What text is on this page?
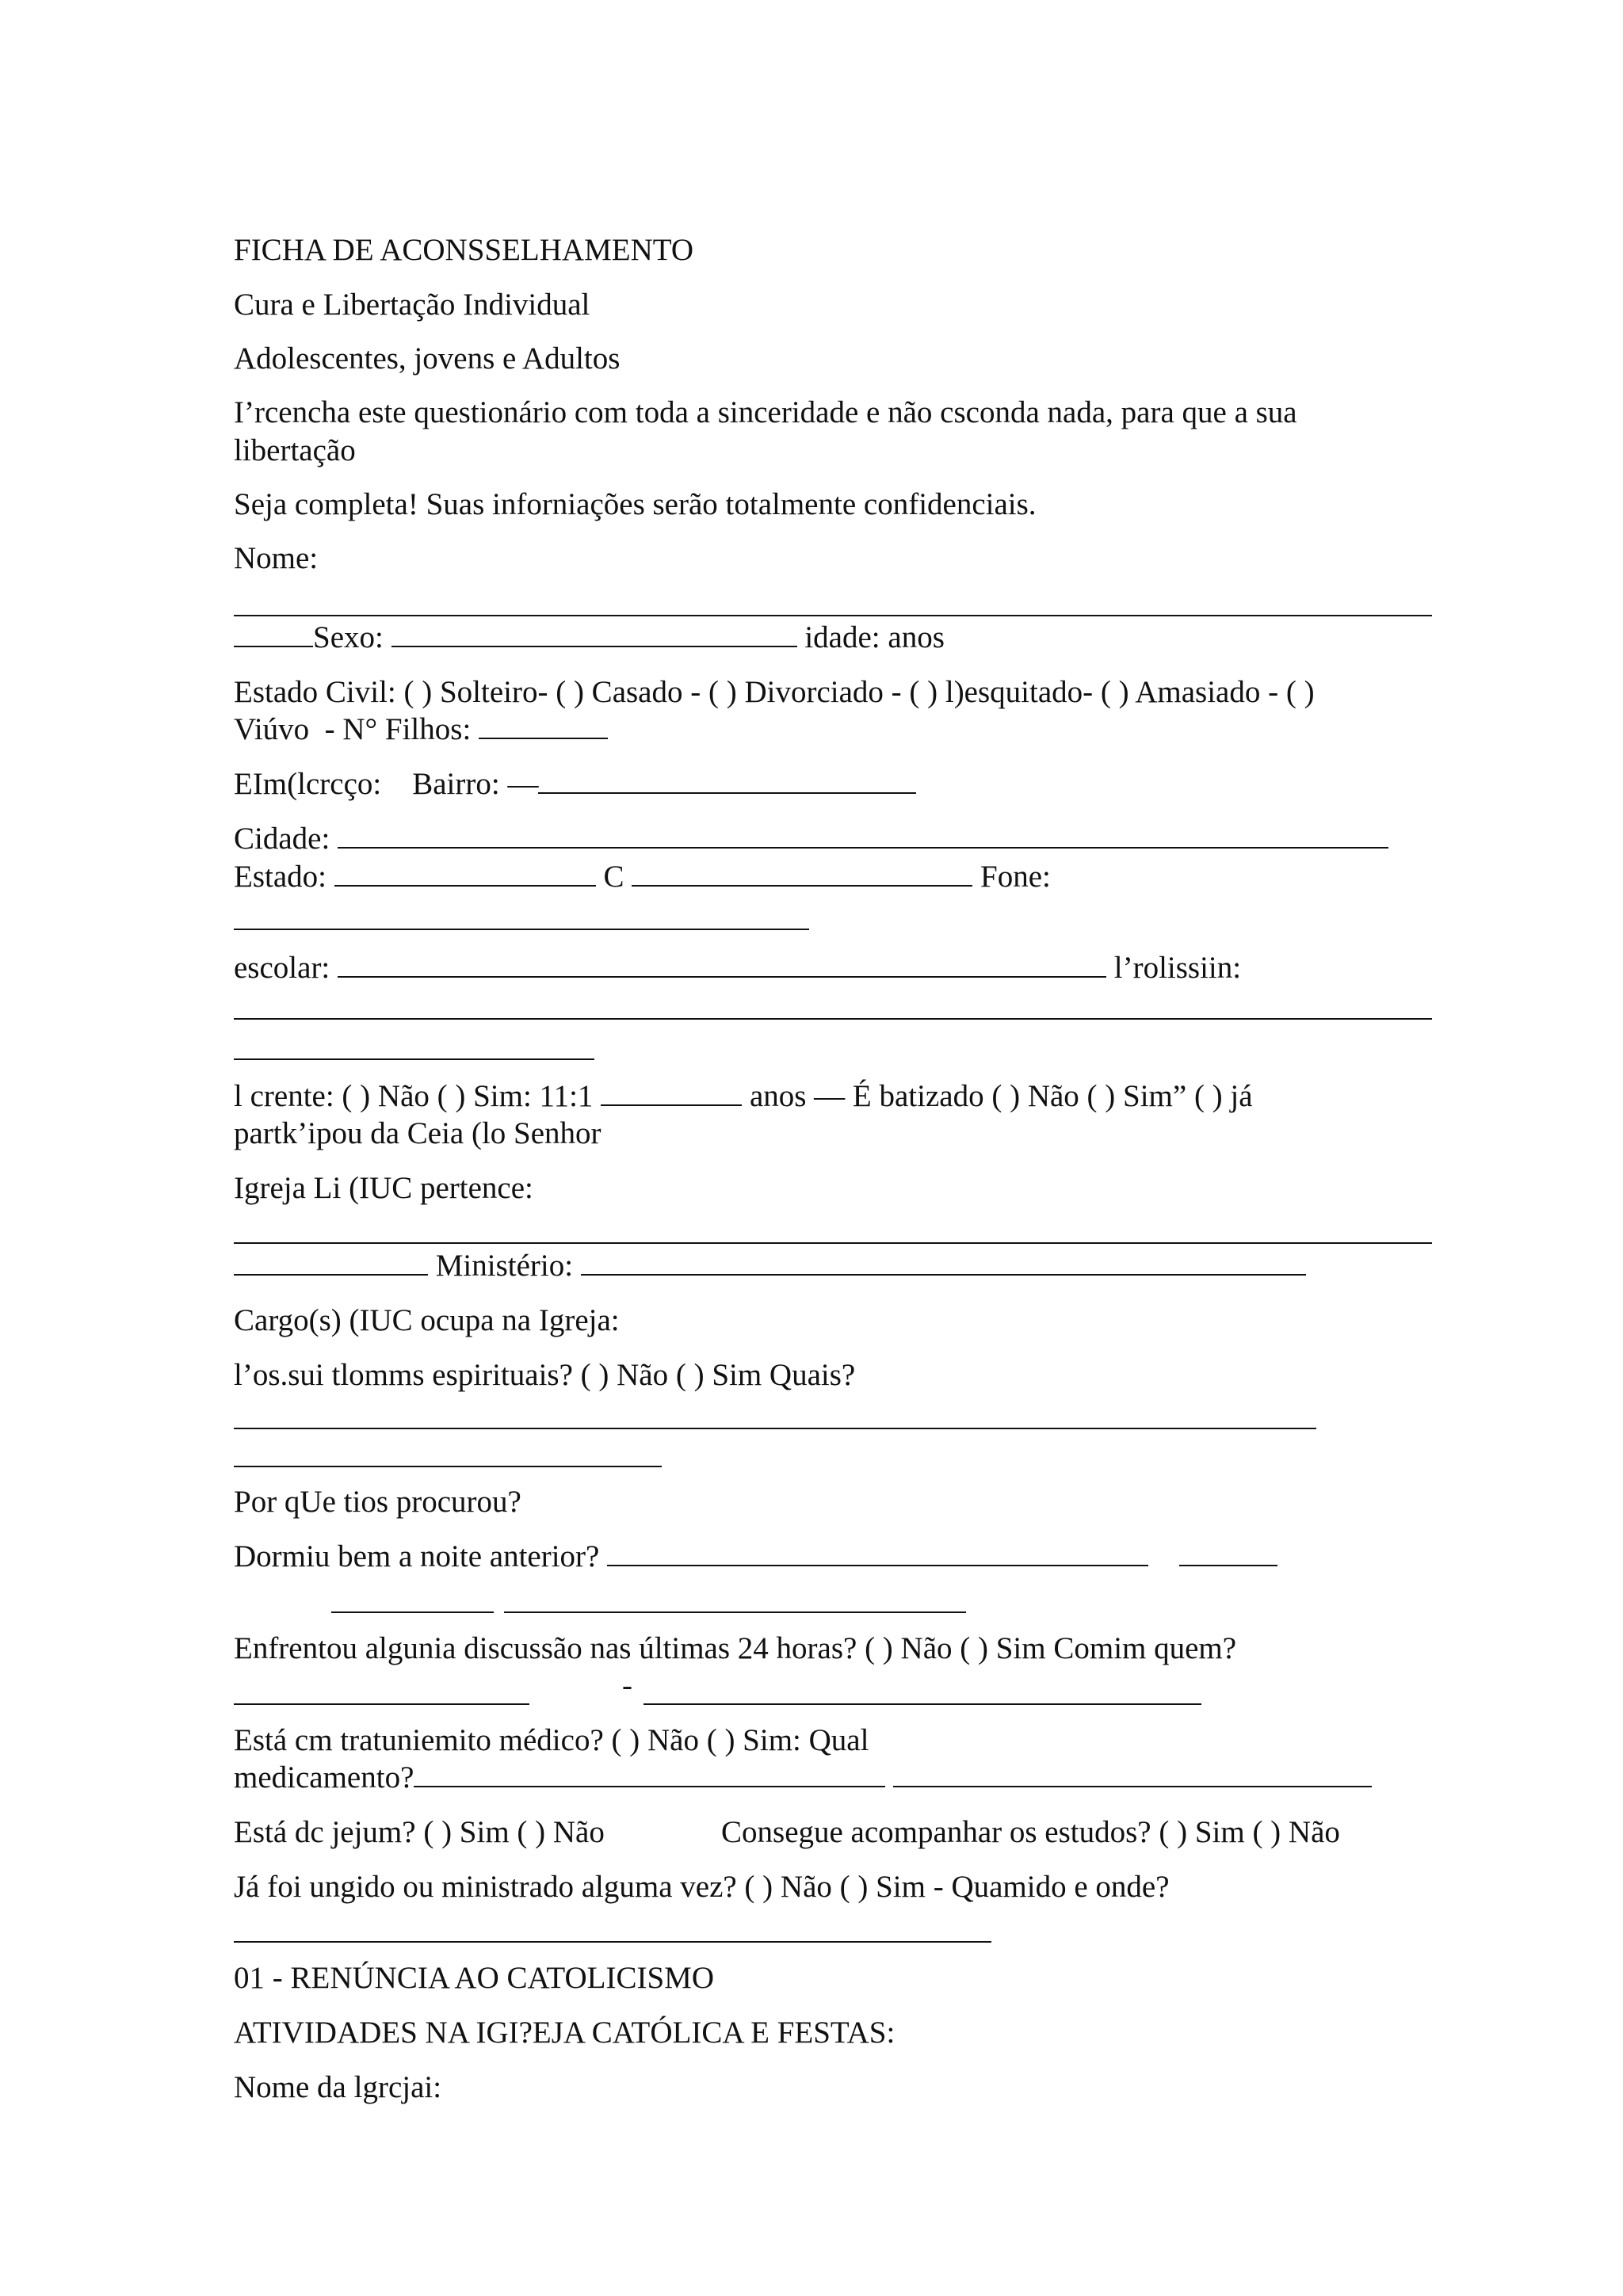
FICHA DE ACONSSELHAMENTO
Cura e Libertação Individual
Adolescentes, jovens e Adultos
I’rcencha este questionário com toda a sinceridade e não csconda nada, para que a sua
libertação
Seja completa! Suas inforniações serão totalmente confidenciais.
Nome:
Sexo:	idade: anos
Estado Civil: ( ) Solteiro- ( ) Casado - ( ) Divorciado - ( ) l)esquitado- ( ) Amasiado - ( )
Viúvo  - N° Filhos:
EIm(lcrcço: Bairro: —
Cidade:
Estado:	C	Fone:
escolar:	l’rolissiin:
l crente: ( ) Não ( ) Sim: 11:1	anos — É batizado ( ) Não ( ) Sim” ( ) já
partk’ipou da Ceia (lo Senhor
Igreja Li (IUC pertence:
Ministério:
Cargo(s) (IUC ocupa na Igreja:
l’os.sui tlomms espirituais? ( ) Não ( ) Sim Quais?
Por qUe tios procurou?
Dormiu bem a noite anterior?
Enfrentou algunia discussão nas últimas 24 horas? ( ) Não ( ) Sim Comim quem?
-
Está cm tratuniemito médico? ( ) Não ( ) Sim: Qual
medicamento?
Está dc jejum? ( ) Sim ( ) Não	Consegue acompanhar os estudos? ( ) Sim ( ) Não
Já foi ungido ou ministrado alguma vez? ( ) Não ( ) Sim - Quamido e onde?
01 - RENÚNCIA AO CATOLICISMO
ATIVIDADES NA IGI?EJA CATÓLICA E FESTAS:
Nome da lgrcjai:
